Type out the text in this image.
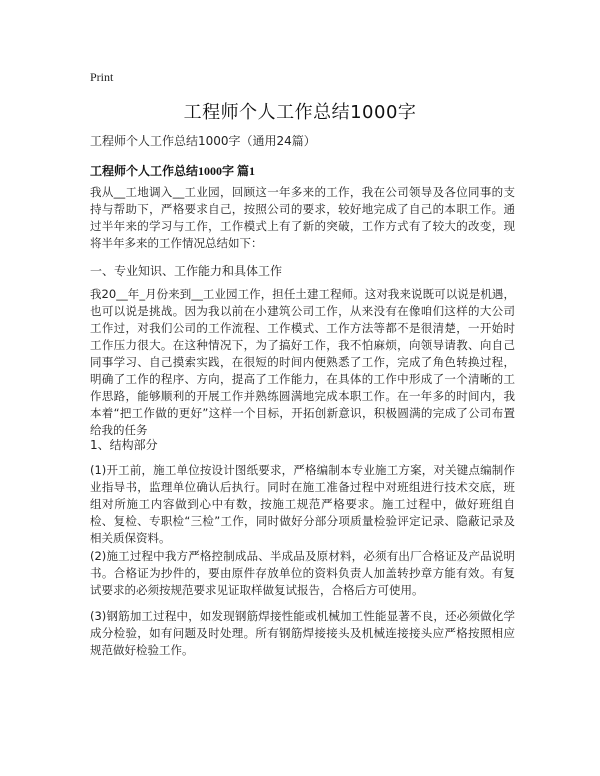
Print
工程师个人工作总结1000字
工程师个人工作总结1000字（通用24篇）
工程师个人工作总结1000字 篇1
我从__工地调入__工业园，回顾这一年多来的工作，我在公司领导及各位同事的支持与帮助下，严格要求自己，按照公司的要求，较好地完成了自己的本职工作。通过半年来的学习与工作，工作模式上有了新的突破，工作方式有了较大的改变，现将半年多来的工作情况总结如下：
一、专业知识、工作能力和具体工作
我20__年_月份来到__工业园工作，担任土建工程师。这对我来说既可以说是机遇，也可以说是挑战。因为我以前在小建筑公司工作，从来没有在像咱们这样的大公司工作过，对我们公司的工作流程、工作模式、工作方法等都不是很清楚，一开始时工作压力很大。在这种情况下，为了搞好工作，我不怕麻烦，向领导请教、向自己同事学习、自己摸索实践，在很短的时间内便熟悉了工作，完成了角色转换过程，明确了工作的程序、方向，提高了工作能力，在具体的工作中形成了一个清晰的工作思路，能够顺利的开展工作并熟练圆满地完成本职工作。在一年多的时间内，我本着“把工作做的更好”这样一个目标，开拓创新意识，积极圆满的完成了公司布置给我的任务
1、结构部分
(1)开工前，施工单位按设计图纸要求，严格编制本专业施工方案，对关键点编制作业指导书，监理单位确认后执行。同时在施工准备过程中对班组进行技术交底，班组对所施工内容做到心中有数，按施工规范严格要求。施工过程中，做好班组自检、复检、专职检“三检”工作，同时做好分部分项质量检验评定记录、隐蔽记录及相关质保资料。
(2)施工过程中我方严格控制成品、半成品及原材料，必须有出厂合格证及产品说明书。合格证为抄件的，要由原件存放单位的资料负责人加盖转抄章方能有效。有复试要求的必须按规范要求见证取样做复试报告，合格后方可使用。
(3)钢筋加工过程中，如发现钢筋焊接性能或机械加工性能显著不良，还必须做化学成分检验，如有问题及时处理。所有钢筋焊接接头及机械连接接头应严格按照相应规范做好检验工作。
